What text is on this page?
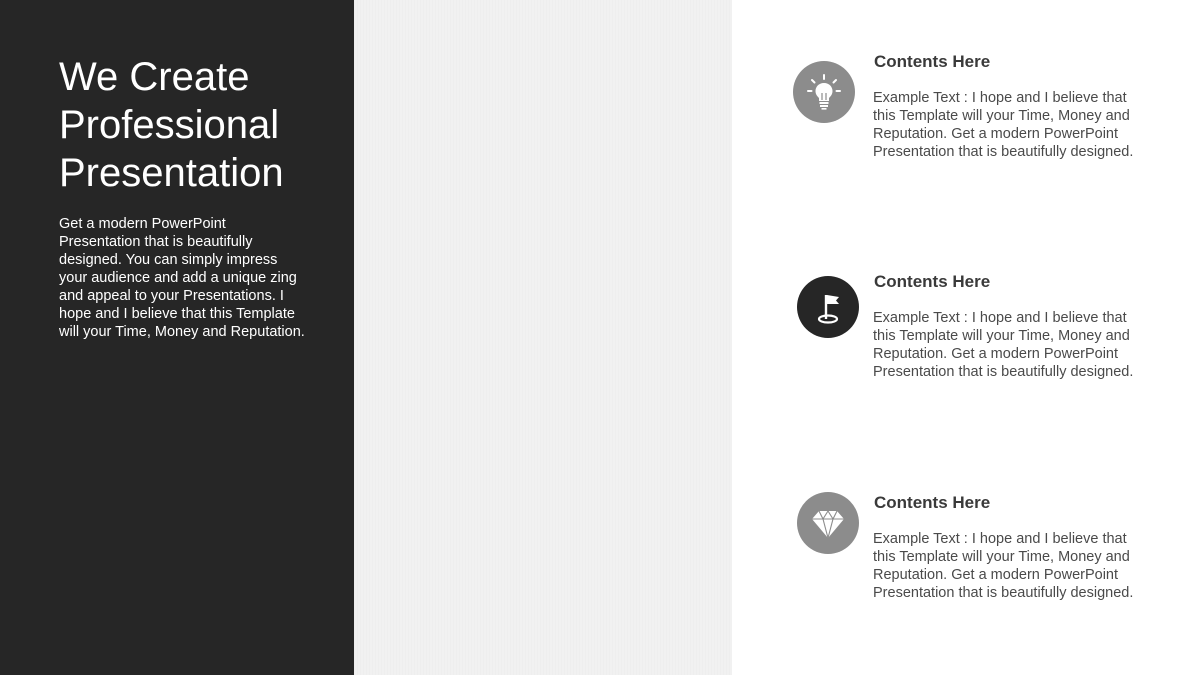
We Create Professional Presentation

Get a modern PowerPoint Presentation that is beautifully designed. You can simply impress your audience and add a unique zing and appeal to your Presentations. I hope and I believe that this Template will your Time, Money and Reputation.

Contents Here

Example Text : I hope and I believe that this Template will your Time, Money and Reputation. Get a modern PowerPoint Presentation that is beautifully designed.

Contents Here

Example Text : I hope and I believe that this Template will your Time, Money and Reputation. Get a modern PowerPoint Presentation that is beautifully designed.

Contents Here

Example Text : I hope and I believe that this Template will your Time, Money and Reputation. Get a modern PowerPoint Presentation that is beautifully designed.
